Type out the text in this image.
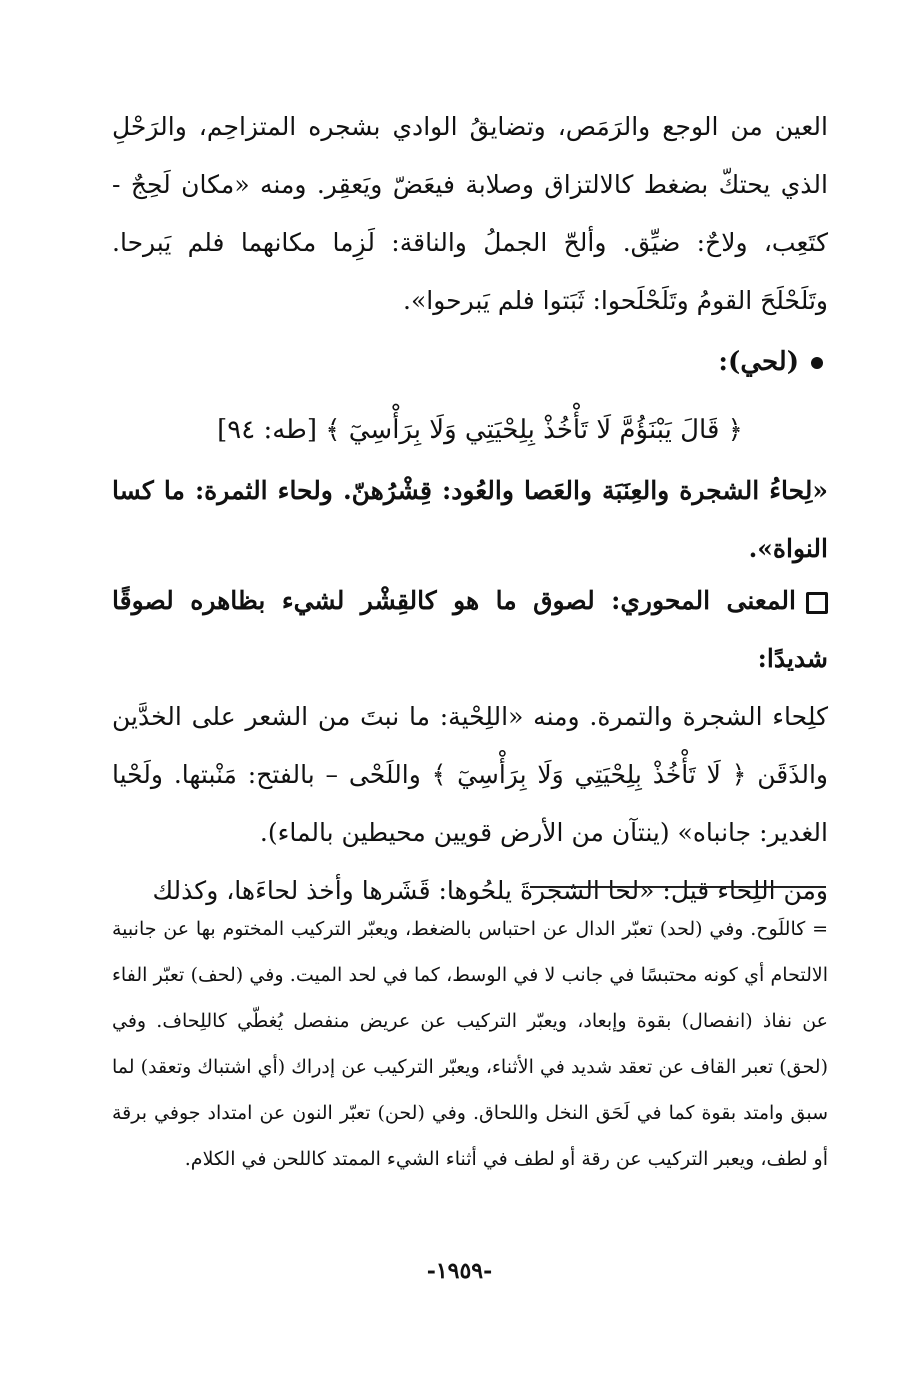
العين من الوجع والرَمَص، وتضايقُ الوادي بشجره المتزاحِم، والرَحْلِ الذي يحتكّ بضغط كالالتزاق وصلابة فيعَضّ ويَعقِر. ومنه «مكان لَحِجٌ - كتَعِب، ولاحٌ: ضيِّق. وألحّ الجملُ والناقة: لَزِما مكانهما فلم يَبرحا. وتَلَحْلَحَ القومُ وتَلَحْلَحوا: ثَبَتوا فلم يَبرحوا».

(لحي):
﴿ قَالَ يَبْنَؤُمَّ لَا تَأْخُذْ بِلِحْيَتِي وَلَا بِرَأْسِيٓ ﴾ [طه: ٩٤]

«لِحاءُ الشجرة والعِنَبَة والعَصا والعُود: قِشْرُهنّ. ولحاء الثمرة: ما كسا النواة».

المعنى المحوري: لصوق ما هو كالقِشْر لشيء بظاهره لصوقًا شديدًا:

كلِحاء الشجرة والتمرة. ومنه «اللِحْية: ما نبتَ من الشعر على الخدَّين والذَقَن ﴿ لَا تَأْخُذْ بِلِحْيَتِي وَلَا بِرَأْسِيٓ ﴾ واللَحْى – بالفتح: مَنْبتها. ولَحْيا الغدير: جانباه» (ينتآن من الأرض قويين محيطين بالماء).

ومن اللِحاء قيل: «لحا الشجرةَ يلحُوها: قَشَرها وأخذ لحاءَها، وكذلك

= كاللَوح. وفي (لحد) تعبّر الدال عن احتباس بالضغط، ويعبّر التركيب المختوم بها عن جانبية الالتحام أي كونه محتبسًا في جانب لا في الوسط، كما في لحد الميت. وفي (لحف) تعبّر الفاء عن نفاذ (انفصال) بقوة وإبعاد، ويعبّر التركيب عن عريض منفصل يُغطّي كاللِحاف. وفي (لحق) تعبر القاف عن تعقد شديد في الأثناء، ويعبّر التركيب عن إدراك (أي اشتباك وتعقد) لما سبق وامتد بقوة كما في لَحَق النخل واللحاق. وفي (لحن) تعبّر النون عن امتداد جوفي برقة أو لطف، ويعبر التركيب عن رقة أو لطف في أثناء الشيء الممتد كاللحن في الكلام.
-١٩٥٩-
